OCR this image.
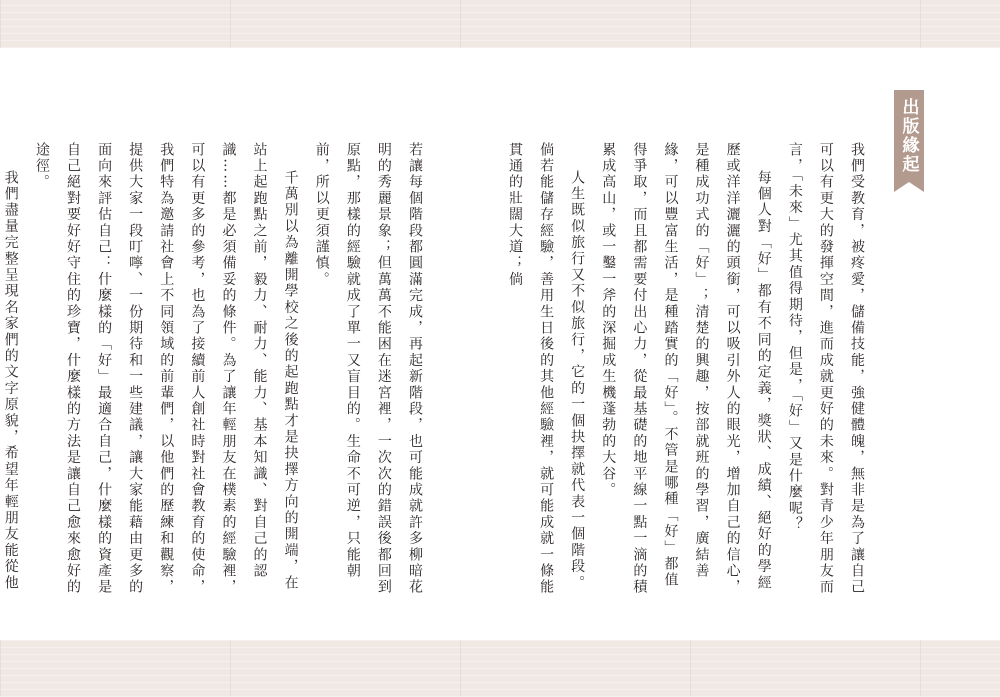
出版緣起

我們受教育，被疼愛，儲備技能，強健體魄，無非是為了讓自己可以有更大的發揮空間，進而成就更好的未來。對青少年朋友而言，「未來」尤其值得期待，但是，「好」又是什麼呢？

每個人對「好」都有不同的定義，獎狀、成績、絕好的學經歷或洋洋灑灑的頭銜，可以吸引外人的眼光，增加自己的信心，是種成功式的「好」；清楚的興趣，按部就班的學習，廣結善緣，可以豐富生活，是種踏實的「好」。不管是哪種「好」都值得爭取，而且都需要付出心力，從最基礎的地平線一點一滴的積累成高山，或一鑿一斧的深掘成生機蓬勃的大谷。

人生既似旅行又不似旅行，它的一個抉擇就代表一個階段。倘若能儲存經驗，善用生日後的其他經驗裡，就可能成就一條能貫通的壯闊大道；倘

若讓每個階段都圓滿完成，再起新階段，也可能成就許多柳暗花明的秀麗景象；但萬萬不能困在迷宮裡，一次次的錯誤後都回到原點，那樣的經驗就成了單一又盲目的。生命不可逆，只能朝前，所以更須謹慎。

千萬別以為離開學校之後的起跑點才是抉擇方向的開端，在站上起跑點之前，毅力、耐力、能力、基本知識、對自己的認識……都是必須備妥的條件。為了讓年輕朋友在樸素的經驗裡，可以有更多的參考，也為了接續前人創社時對社會教育的使命，我們特為邀請社會上不同領域的前輩們，以他們的歷練和觀察，提供大家一段叮嚀、一份期待和一些建議，讓大家能藉由更多的面向來評估自己：什麼樣的「好」最適合自己，什麼樣的資產是自己絕對要好好守住的珍寶，什麼樣的方法是讓自己愈來愈好的途徑。

我們盡量完整呈現名家們的文字原貌，希望年輕朋友能從他
